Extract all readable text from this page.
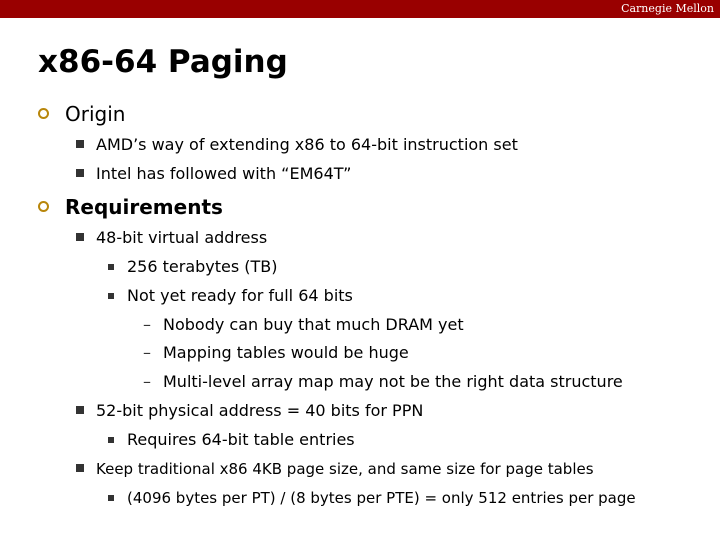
Carnegie Mellon
x86-64 Paging
Origin
AMD’s way of extending x86 to 64-bit instruction set
Intel has followed with “EM64T”
Requirements
48-bit virtual address
256 terabytes (TB)
Not yet ready for full 64 bits
– Nobody can buy that much DRAM yet
– Mapping tables would be huge
– Multi-level array map may not be the right data structure
52-bit physical address = 40 bits for PPN
Requires 64-bit table entries
Keep traditional x86 4KB page size, and same size for page tables
(4096 bytes per PT) / (8 bytes per PTE) = only 512 entries per page
